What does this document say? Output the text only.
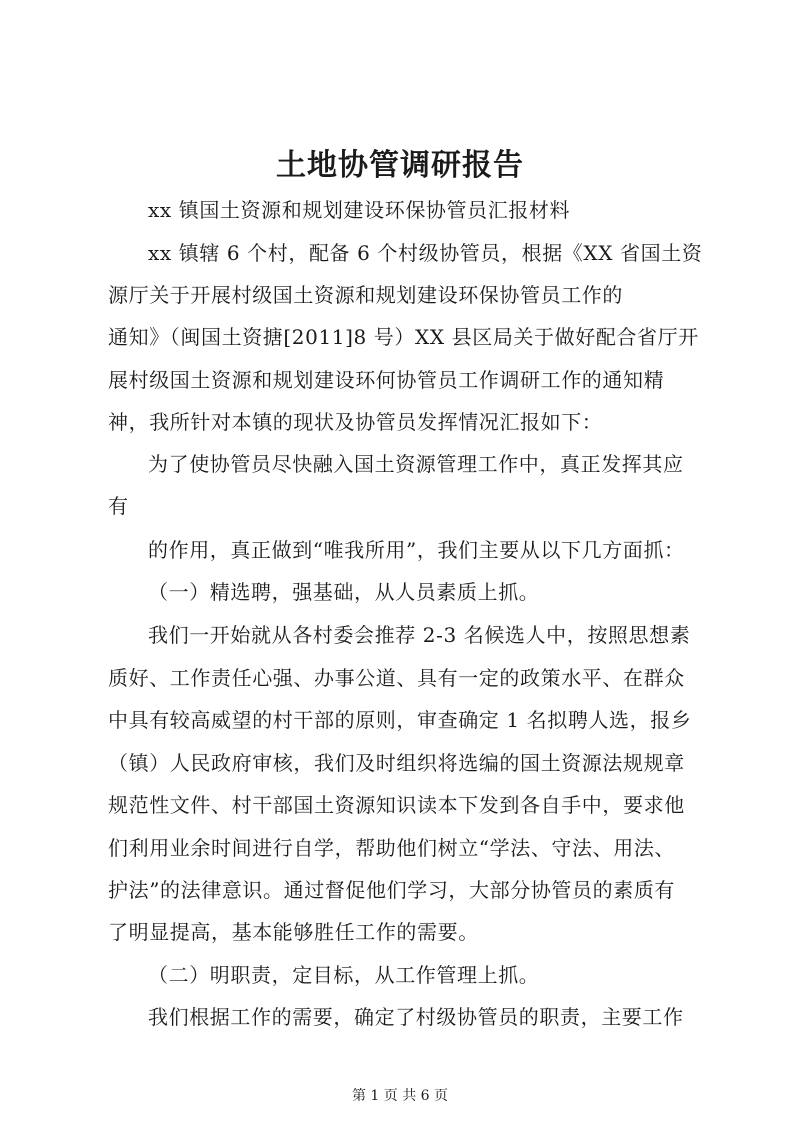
土地协管调研报告

xx 镇国土资源和规划建设环保协管员汇报材料

xx 镇辖 6 个村，配备 6 个村级协管员，根据《XX 省国土资

源厅关于开展村级国土资源和规划建设环保协管员工作的

通知》（闽国土资搪[2011]8 号）XX 县区局关于做好配合省厅开

展村级国土资源和规划建设环何协管员工作调研工作的通知精

神，我所针对本镇的现状及协管员发挥情况汇报如下：

为了使协管员尽快融入国土资源管理工作中，真正发挥其应

有

的作用，真正做到“唯我所用”，我们主要从以下几方面抓：

（一）精选聘，强基础，从人员素质上抓。

我们一开始就从各村委会推荐 2-3 名候选人中，按照思想素

质好、工作责任心强、办事公道、具有一定的政策水平、在群众

中具有较高威望的村干部的原则，审查确定 1 名拟聘人选，报乡

（镇）人民政府审核，我们及时组织将选编的国土资源法规规章

规范性文件、村干部国土资源知识读本下发到各自手中，要求他

们利用业余时间进行自学，帮助他们树立“学法、守法、用法、

护法”的法律意识。通过督促他们学习，大部分协管员的素质有

了明显提高，基本能够胜任工作的需要。

（二）明职责，定目标，从工作管理上抓。

我们根据工作的需要，确定了村级协管员的职责，主要工作

第 1 页 共 6 页
